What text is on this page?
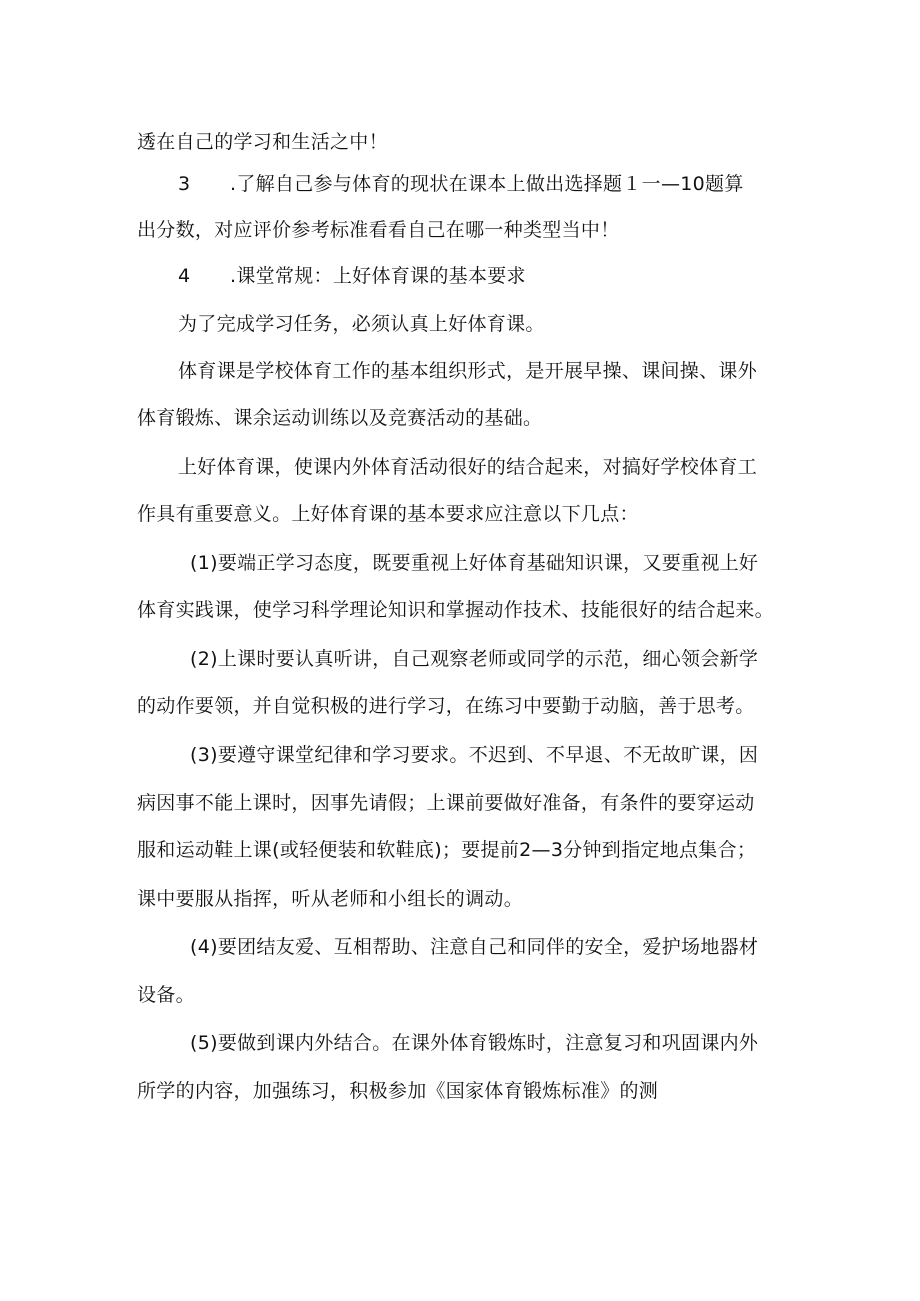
透在自己的学习和生活之中！
3 .了解自己参与体育的现状在课本上做出选择题１一—10题算
出分数，对应评价参考标准看看自己在哪一种类型当中！
4 .课堂常规：上好体育课的基本要求
为了完成学习任务，必须认真上好体育课。
体育课是学校体育工作的基本组织形式，是开展早操、课间操、课外
体育锻炼、课余运动训练以及竞赛活动的基础。
上好体育课，使课内外体育活动很好的结合起来，对搞好学校体育工
作具有重要意义。上好体育课的基本要求应注意以下几点：
(1)要端正学习态度，既要重视上好体育基础知识课，又要重视上好
体育实践课，使学习科学理论知识和掌握动作技术、技能很好的结合起来。
(2)上课时要认真听讲，自己观察老师或同学的示范，细心领会新学
的动作要领，并自觉积极的进行学习，在练习中要勤于动脑，善于思考。
(3)要遵守课堂纪律和学习要求。不迟到、不早退、不无故旷课，因
病因事不能上课时，因事先请假；上课前要做好准备，有条件的要穿运动
服和运动鞋上课(或轻便装和软鞋底)；要提前2—3分钟到指定地点集合；
课中要服从指挥，听从老师和小组长的调动。
(4)要团结友爱、互相帮助、注意自己和同伴的安全，爱护场地器材
设备。
(5)要做到课内外结合。在课外体育锻炼时，注意复习和巩固课内外
所学的内容，加强练习，积极参加《国家体育锻炼标准》的测
